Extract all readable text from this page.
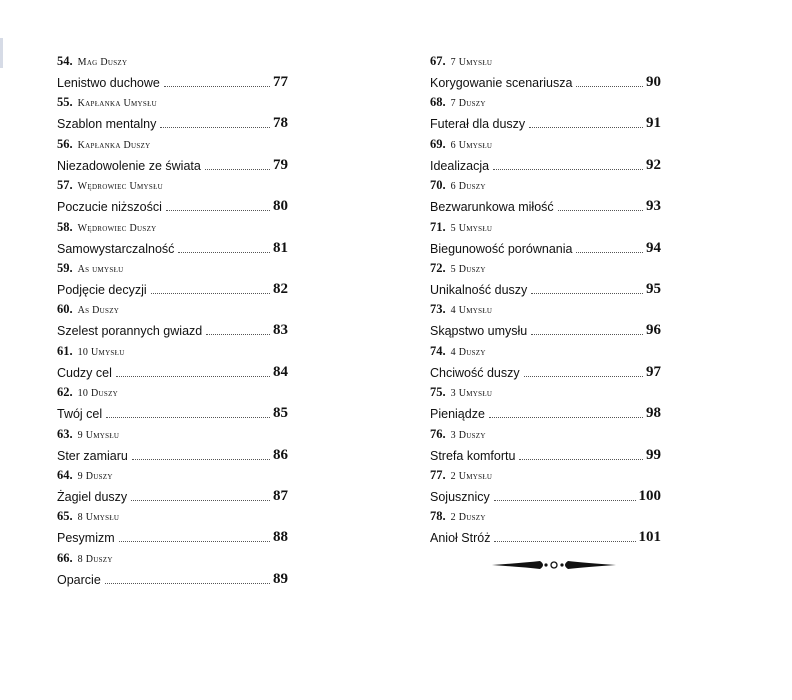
54. Mag Duszy
Lenistwo duchowe	77
55. Kapłanka Umysłu
Szablon mentalny	78
56. Kapłanka Duszy
Niezadowolenie ze świata	79
57. Wędrowiec Umysłu
Poczucie niższości	80
58. Wędrowiec Duszy
Samowystarczalność	81
59. As umysłu
Podjęcie decyzji	82
60. As Duszy
Szelest porannych gwiazd	83
61. 10 Umysłu
Cudzy cel	84
62. 10 Duszy
Twój cel	85
63. 9 Umysłu
Ster zamiaru	86
64. 9 Duszy
Żagiel duszy	87
65. 8 Umysłu
Pesymizm	88
66. 8 Duszy
Oparcie	89
67. 7 Umysłu
Korygowanie scenariusza	90
68. 7 Duszy
Futerał dla duszy	91
69. 6 Umysłu
Idealizacja	92
70. 6 Duszy
Bezwarunkowa miłość	93
71. 5 Umysłu
Biegunowość porównania	94
72. 5 Duszy
Unikalność duszy	95
73. 4 Umysłu
Skąpstwo umysłu	96
74. 4 Duszy
Chciwość duszy	97
75. 3 Umysłu
Pieniądze	98
76. 3 Duszy
Strefa komfortu	99
77. 2 Umysłu
Sojusznicy	100
78. 2 Duszy
Anioł Stróż	101
